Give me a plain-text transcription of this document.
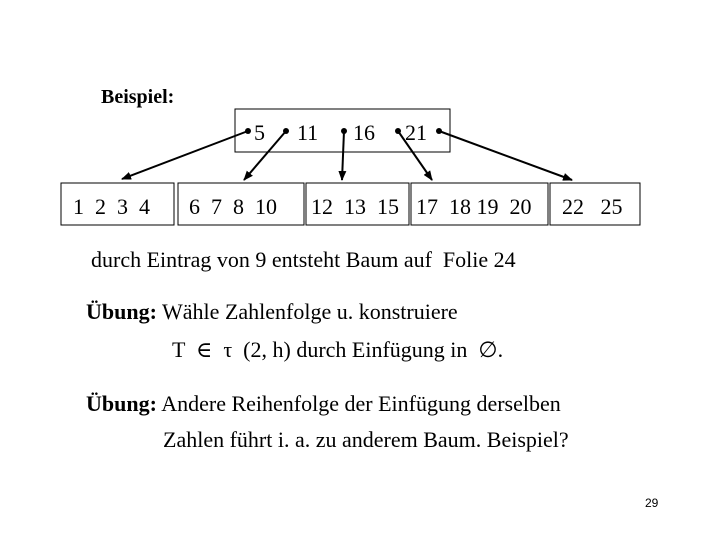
Beispiel:
5 11 16 21
1  2  3  4 6  7  8  10 12  13  15 17  18 19  20 22   25
durch Eintrag von 9 entsteht Baum auf  Folie 24
Übung: Wähle Zahlenfolge u. konstruiere
T  ∈  τ  (2, h) durch Einfügung in  ∅.
Übung: Andere Reihenfolge der Einfügung derselben
Zahlen führt i. a. zu anderem Baum. Beispiel?
29
